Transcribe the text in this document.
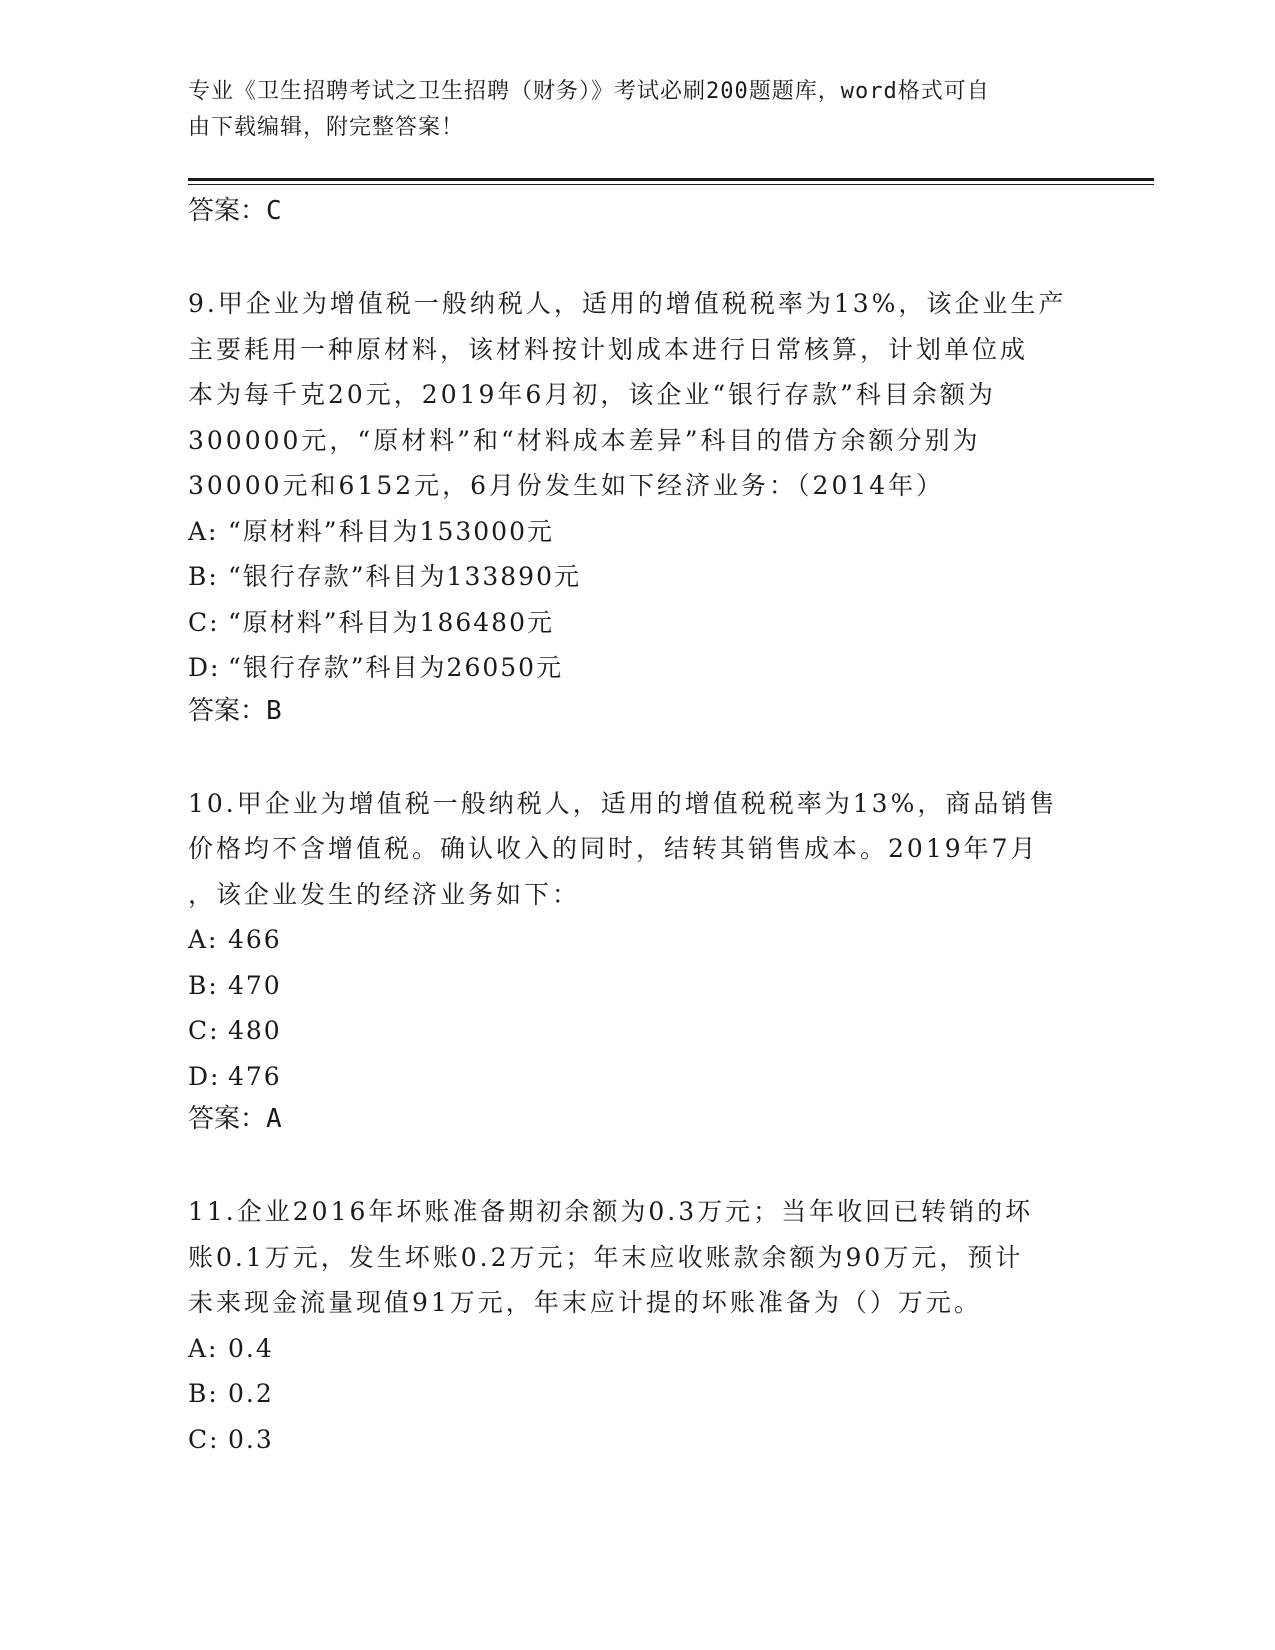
专业《卫生招聘考试之卫生招聘（财务）》考试必刷200题题库，word格式可自
由下载编辑，附完整答案！

答案：C

9.甲企业为增值税一般纳税人，适用的增值税税率为13%，该企业生产

主要耗用一种原材料，该材料按计划成本进行日常核算，计划单位成

本为每千克20元，2019年6月初，该企业“银行存款”科目余额为

300000元，“原材料”和“材料成本差异”科目的借方余额分别为

30000元和6152元，6月份发生如下经济业务：（2014年）

A: “原材料”科目为153000元

B: “银行存款”科目为133890元

C: “原材料”科目为186480元

D: “银行存款”科目为26050元

答案：B

10.甲企业为增值税一般纳税人，适用的增值税税率为13%，商品销售

价格均不含增值税。确认收入的同时，结转其销售成本。2019年7月

，该企业发生的经济业务如下：

A: 466

B: 470

C: 480

D: 476

答案：A

11.企业2016年坏账准备期初余额为0.3万元；当年收回已转销的坏

账0.1万元，发生坏账0.2万元；年末应收账款余额为90万元，预计

未来现金流量现值91万元，年末应计提的坏账准备为（）万元。

A: 0.4

B: 0.2

C: 0.3
